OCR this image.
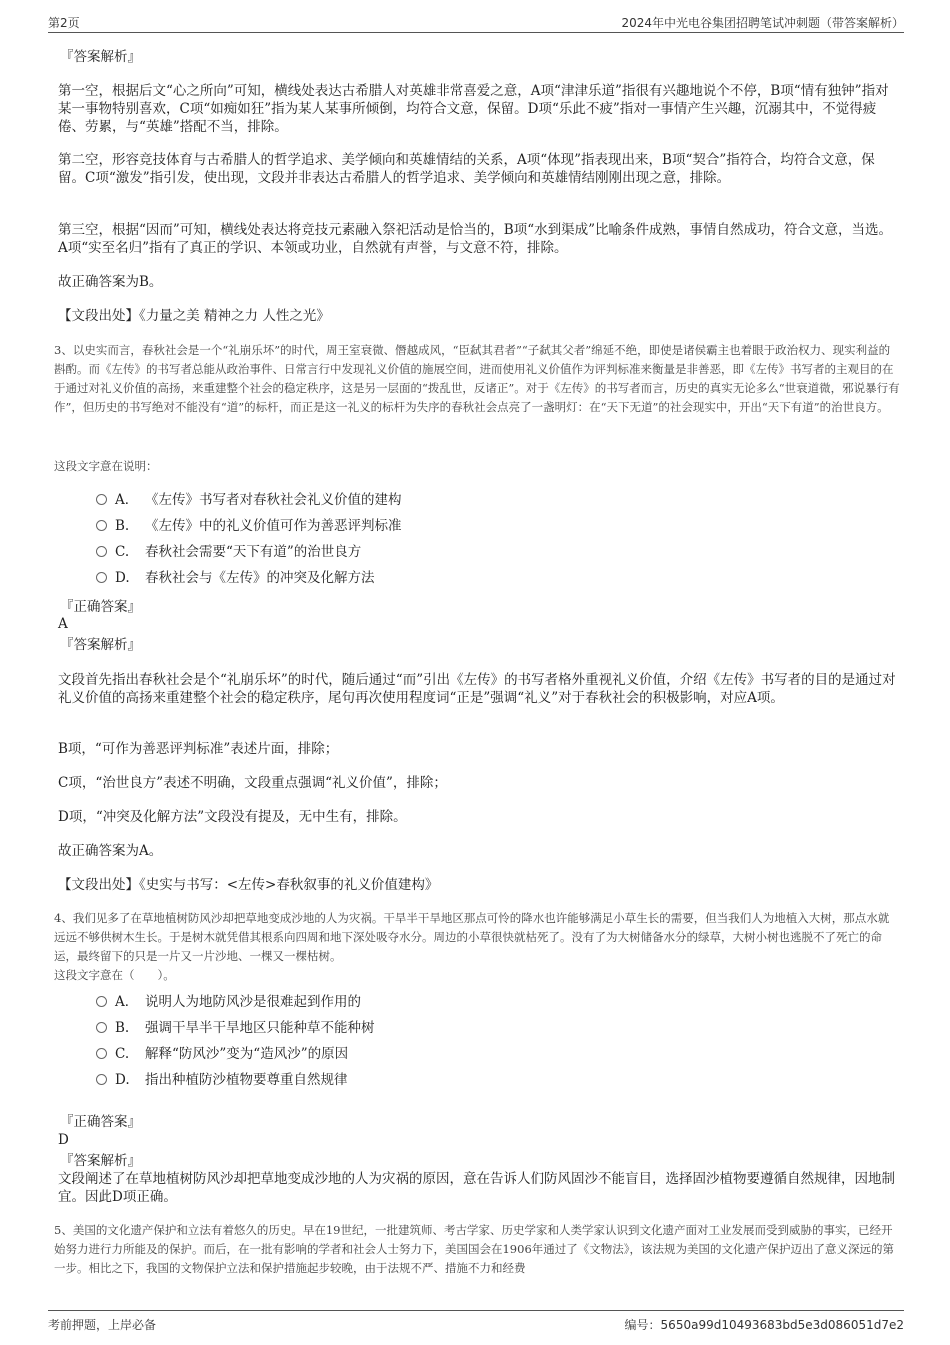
第2页	2024年中光电谷集团招聘笔试冲刺题（带答案解析）
『答案解析』

第一空，根据后文“心之所向”可知，横线处表达古希腊人对英雄非常喜爱之意，A项“津津乐道”指很有兴趣地说个不停，B项“情有独钟”指对某一事物特别喜欢，C项“如痴如狂”指为某人某事所倾倒，均符合文意，保留。D项“乐此不疲”指对一事情产生兴趣，沉溺其中，不觉得疲倦、劳累，与“英雄”搭配不当，排除。

第二空，形容竞技体育与古希腊人的哲学追求、美学倾向和英雄情结的关系，A项“体现”指表现出来，B项“契合”指符合，均符合文意，保留。C项“激发”指引发，使出现，文段并非表达古希腊人的哲学追求、美学倾向和英雄情结刚刚出现之意，排除。

第三空，根据“因而”可知，横线处表达将竞技元素融入祭祀活动是恰当的，B项“水到渠成”比喻条件成熟，事情自然成功，符合文意，当选。A项“实至名归”指有了真正的学识、本领或功业，自然就有声誉，与文意不符，排除。

故正确答案为B。

【文段出处】《力量之美 精神之力 人性之光》

3、以史实而言，春秋社会是一个“礼崩乐坏”的时代，周王室衰微、僭越成风，“臣弑其君者”“子弑其父者”绵延不绝，即使是诸侯霸主也着眼于政治权力、现实利益的斟酌。而《左传》的书写者总能从政治事件、日常言行中发现礼义价值的施展空间，进而使用礼义价值作为评判标准来衡量是非善恶，即《左传》书写者的主观目的在于通过对礼义价值的高扬，来重建整个社会的稳定秩序，这是另一层面的“拨乱世，反诸正”。对于《左传》的书写者而言，历史的真实无论多么“世衰道微，邪说暴行有作”，但历史的书写绝对不能没有“道”的标杆，而正是这一礼义的标杆为失序的春秋社会点亮了一盏明灯：在“天下无道”的社会现实中，开出“天下有道”的治世良方。

这段文字意在说明：

A． 《左传》书写者对春秋社会礼义价值的建构
B. 《左传》中的礼义价值可作为善恶评判标准
C. 春秋社会需要“天下有道”的治世良方
D. 春秋社会与《左传》的冲突及化解方法
『正确答案』
A
『答案解析』

文段首先指出春秋社会是个“礼崩乐坏”的时代，随后通过“而”引出《左传》的书写者格外重视礼义价值，介绍《左传》书写者的目的是通过对礼义价值的高扬来重建整个社会的稳定秩序，尾句再次使用程度词“正是”强调“礼义”对于春秋社会的积极影响，对应A项。

B项，“可作为善恶评判标准”表述片面，排除；

C项，“治世良方”表述不明确，文段重点强调“礼义价值”，排除；

D项，“冲突及化解方法”文段没有提及，无中生有，排除。

故正确答案为A。

【文段出处】《史实与书写：<左传>春秋叙事的礼义价值建构》

4、我们见多了在草地植树防风沙却把草地变成沙地的人为灾祸。干旱半干旱地区那点可怜的降水也许能够满足小草生长的需要，但当我们人为地植入大树，那点水就远远不够供树木生长。于是树木就凭借其根系向四周和地下深处吸夺水分。周边的小草很快就枯死了。没有了为大树储备水分的绿草，大树小树也逃脱不了死亡的命运，最终留下的只是一片又一片沙地、一棵又一棵枯树。

这段文字意在（　　）。

A． 说明人为地防风沙是很难起到作用的
B. 强调干旱半干旱地区只能种草不能种树
C. 解释“防风沙”变为“造风沙”的原因
D. 指出种植防沙植物要尊重自然规律
『正确答案』
D
『答案解析』

文段阐述了在草地植树防风沙却把草地变成沙地的人为灾祸的原因，意在告诉人们防风固沙不能盲目，选择固沙植物要遵循自然规律，因地制宜。因此D项正确。

5、美国的文化遗产保护和立法有着悠久的历史。早在19世纪，一批建筑师、考古学家、历史学家和人类学家认识到文化遗产面对工业发展而受到威胁的事实，已经开始努力进行力所能及的保护。而后，在一批有影响的学者和社会人士努力下，美国国会在1906年通过了《文物法》，该法规为美国的文化遗产保护迈出了意义深远的第一步。相比之下，我国的文物保护立法和保护措施起步较晚，由于法规不严、措施不力和经费

考前押题，上岸必备	编号：5650a99d10493683bd5e3d086051d7e2
